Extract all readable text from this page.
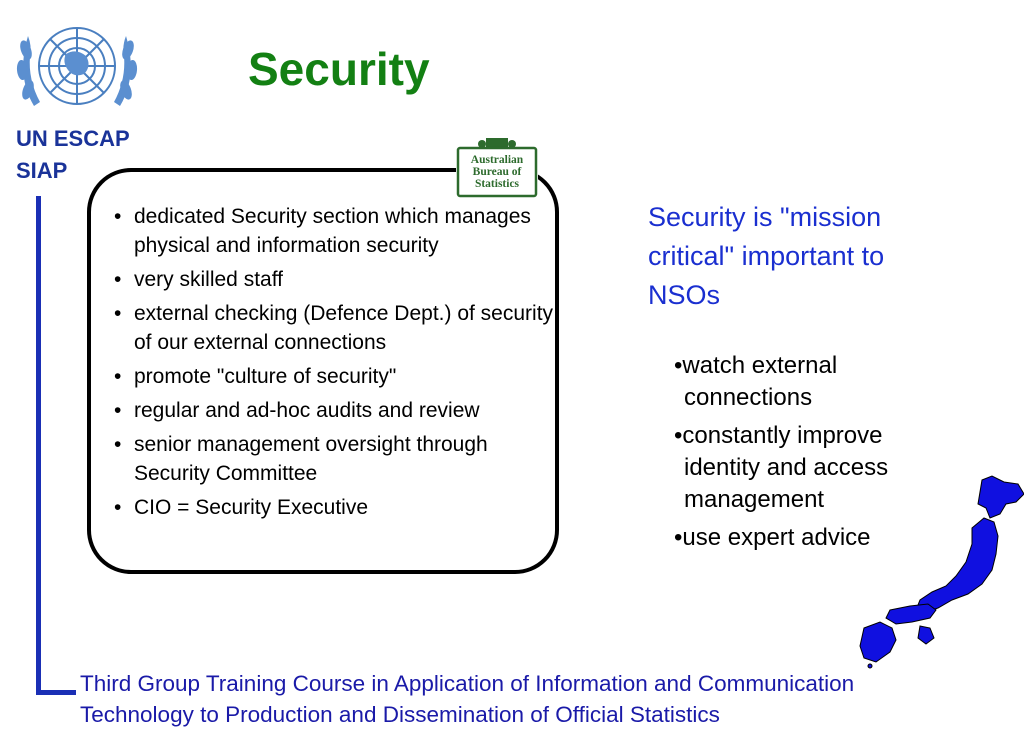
UN ESCAP
SIAP
Security
Australian
Bureau of
Statistics
• dedicated Security section which manages physical and information security
• very skilled staff
• external checking (Defence Dept.) of security of our external connections
• promote "culture of security"
• regular and ad-hoc audits and review
• senior management oversight through Security Committee
• CIO = Security Executive

Security is "mission critical" important to NSOs

•watch external connections
•constantly improve identity and access management
•use expert advice
Third Group Training Course in Application of Information and Communication
Technology to Production and Dissemination of Official Statistics
